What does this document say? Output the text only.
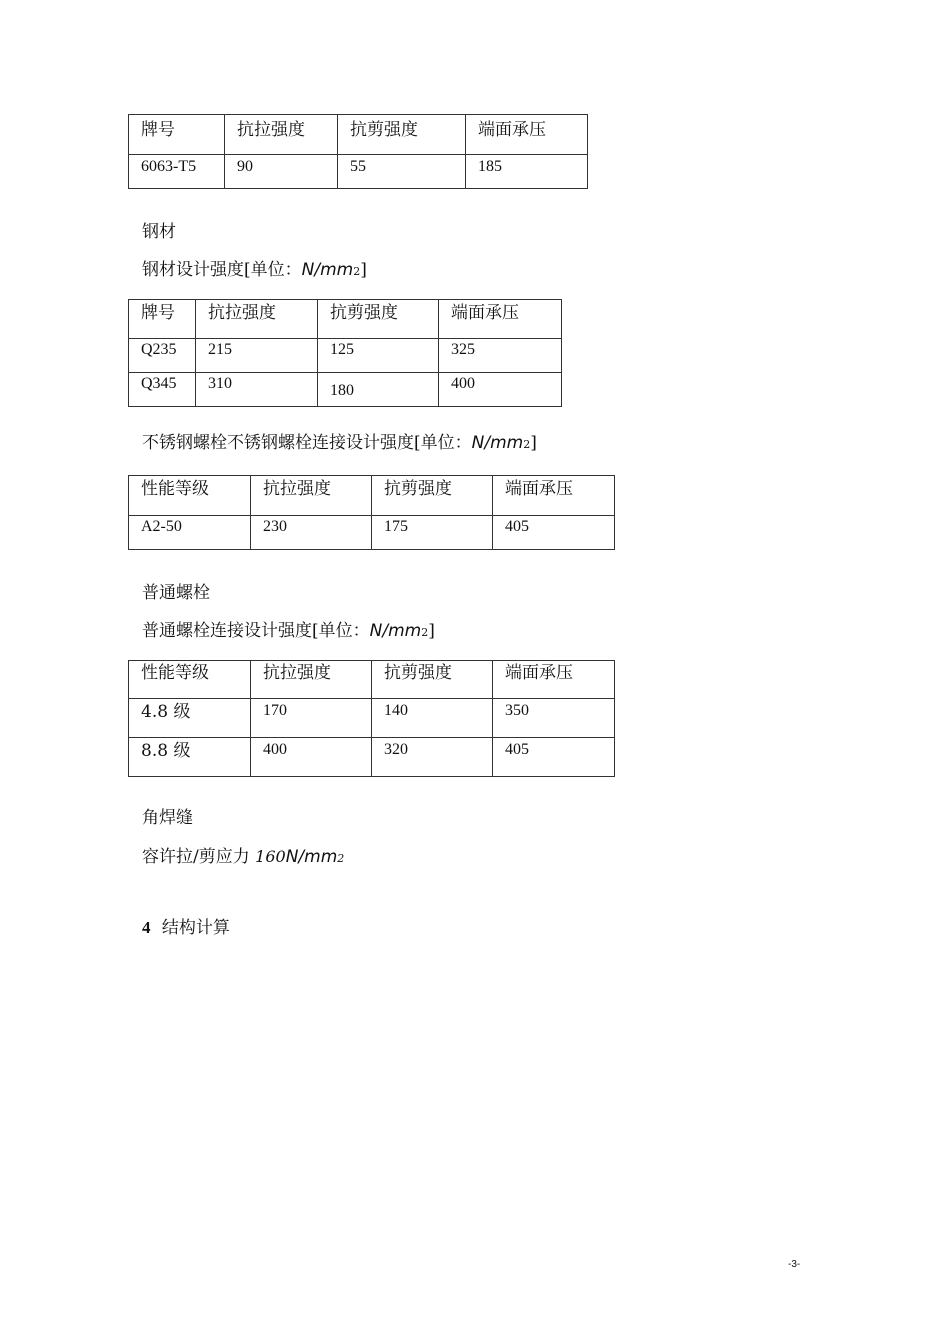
牌号	抗拉强度	抗剪强度	端面承压

6063-T5	90	55	185
钢材
钢材设计强度[单位：N/mm2]
牌号	抗拉强度	抗剪强度	端面承压

Q235	215	125	325

Q345	310	180	400
不锈钢螺栓不锈钢螺栓连接设计强度[单位：N/mm2]
性能等级	抗拉强度	抗剪强度	端面承压

A2-50	230	175	405
普通螺栓
普通螺栓连接设计强度[单位：N/mm2]
性能等级	抗拉强度	抗剪强度	端面承压

4.8 级	170	140	350

8.8 级	400	320	405
角焊缝
容许拉/剪应力 160N/mm2
4 结构计算
-3-
